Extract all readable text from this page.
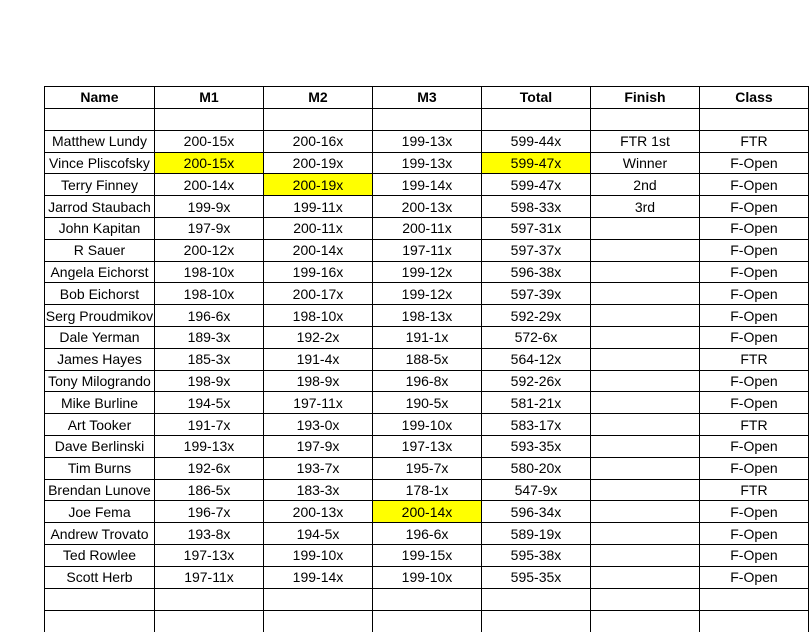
Name	M1	M2	M3	Total	Finish	Class

Matthew Lundy	200-15x	200-16x	199-13x	599-44x	FTR 1st	FTR
Vince Pliscofsky	200-15x	200-19x	199-13x	599-47x	Winner	F-Open
Terry Finney	200-14x	200-19x	199-14x	599-47x	2nd	F-Open
Jarrod Staubach	199-9x	199-11x	200-13x	598-33x	3rd	F-Open
John Kapitan	197-9x	200-11x	200-11x	597-31x		F-Open
R Sauer	200-12x	200-14x	197-11x	597-37x		F-Open
Angela Eichorst	198-10x	199-16x	199-12x	596-38x		F-Open
Bob Eichorst	198-10x	200-17x	199-12x	597-39x		F-Open
Serg Proudmikov	196-6x	198-10x	198-13x	592-29x		F-Open
Dale Yerman	189-3x	192-2x	191-1x	572-6x		F-Open
James Hayes	185-3x	191-4x	188-5x	564-12x		FTR
Tony Milogrando	198-9x	198-9x	196-8x	592-26x		F-Open
Mike Burline	194-5x	197-11x	190-5x	581-21x		F-Open
Art Tooker	191-7x	193-0x	199-10x	583-17x		FTR
Dave Berlinski	199-13x	197-9x	197-13x	593-35x		F-Open
Tim Burns	192-6x	193-7x	195-7x	580-20x		F-Open
Brendan Lunove	186-5x	183-3x	178-1x	547-9x		FTR
Joe Fema	196-7x	200-13x	200-14x	596-34x		F-Open
Andrew Trovato	193-8x	194-5x	196-6x	589-19x		F-Open
Ted Rowlee	197-13x	199-10x	199-15x	595-38x		F-Open
Scott Herb	197-11x	199-14x	199-10x	595-35x		F-Open
